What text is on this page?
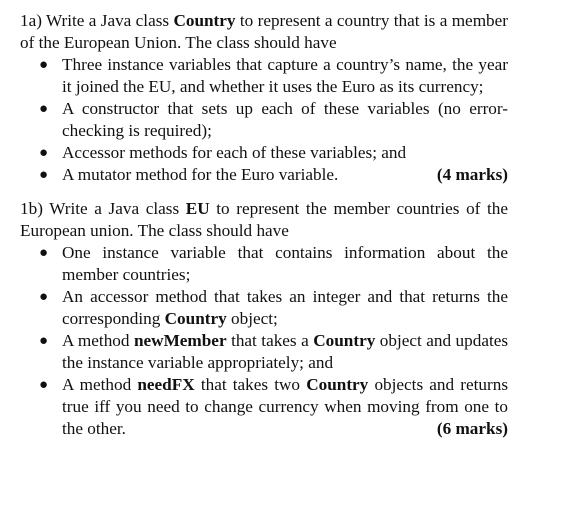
1a) Write a Java class Country to represent a country that is a member of the European Union. The class should have

● Three instance variables that capture a country’s name, the year it joined the EU, and whether it uses the Euro as its currency;
● A constructor that sets up each of these variables (no error-checking is required);
● Accessor methods for each of these variables; and
● A mutator method for the Euro variable.	(4 marks)

1b) Write a Java class EU to represent the member countries of the European union. The class should have

● One instance variable that contains information about the member countries;
● An accessor method that takes an integer and that returns the corresponding Country object;
● A method newMember that takes a Country object and updates the instance variable appropriately; and
● A method needFX that takes two Country objects and returns true iff you need to change currency when moving from one to the other.	(6 marks)
